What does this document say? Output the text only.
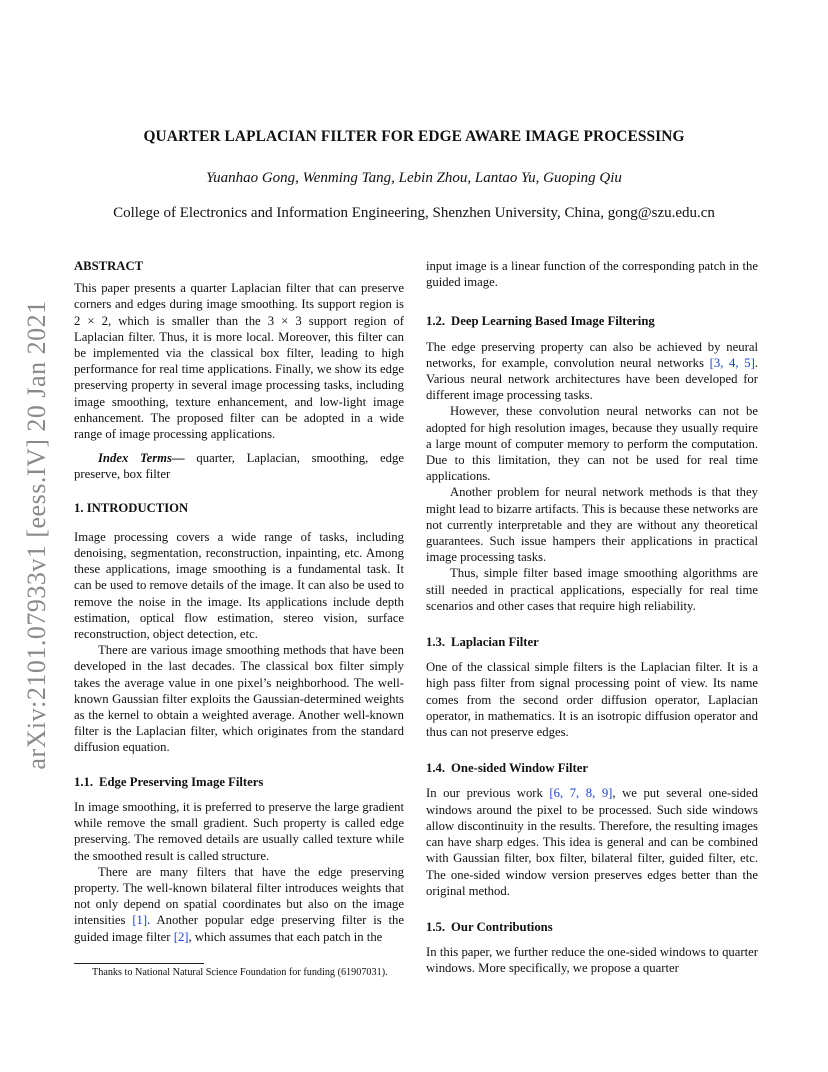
arXiv:2101.07933v1 [eess.IV] 20 Jan 2021
QUARTER LAPLACIAN FILTER FOR EDGE AWARE IMAGE PROCESSING

Yuanhao Gong, Wenming Tang, Lebin Zhou, Lantao Yu, Guoping Qiu

College of Electronics and Information Engineering, Shenzhen University, China, gong@szu.edu.cn

ABSTRACT

This paper presents a quarter Laplacian filter that can preserve corners and edges during image smoothing. Its support region is 2 × 2, which is smaller than the 3 × 3 support region of Laplacian filter. Thus, it is more local. Moreover, this filter can be implemented via the classical box filter, leading to high performance for real time applications. Finally, we show its edge preserving property in several image processing tasks, including image smoothing, texture enhancement, and low-light image enhancement. The proposed filter can be adopted in a wide range of image processing applications.

Index Terms— quarter, Laplacian, smoothing, edge preserve, box filter

1. INTRODUCTION

Image processing covers a wide range of tasks, including denoising, segmentation, reconstruction, inpainting, etc. Among these applications, image smoothing is a fundamental task. It can be used to remove details of the image. It can also be used to remove the noise in the image. Its applications include depth estimation, optical flow estimation, stereo vision, surface reconstruction, object detection, etc.

There are various image smoothing methods that have been developed in the last decades. The classical box filter simply takes the average value in one pixel’s neighborhood. The well-known Gaussian filter exploits the Gaussian-determined weights as the kernel to obtain a weighted average. Another well-known filter is the Laplacian filter, which originates from the standard diffusion equation.

1.1. Edge Preserving Image Filters

In image smoothing, it is preferred to preserve the large gradient while remove the small gradient. Such property is called edge preserving. The removed details are usually called texture while the smoothed result is called structure.

There are many filters that have the edge preserving property. The well-known bilateral filter introduces weights that not only depend on spatial coordinates but also on the image intensities [1]. Another popular edge preserving filter is the guided image filter [2], which assumes that each patch in the

input image is a linear function of the corresponding patch in the guided image.

1.2. Deep Learning Based Image Filtering

The edge preserving property can also be achieved by neural networks, for example, convolution neural networks [3, 4, 5]. Various neural network architectures have been developed for different image processing tasks.

However, these convolution neural networks can not be adopted for high resolution images, because they usually require a large mount of computer memory to perform the computation. Due to this limitation, they can not be used for real time applications.

Another problem for neural network methods is that they might lead to bizarre artifacts. This is because these networks are not currently interpretable and they are without any theoretical guarantees. Such issue hampers their applications in practical image processing tasks.

Thus, simple filter based image smoothing algorithms are still needed in practical applications, especially for real time scenarios and other cases that require high reliability.

1.3. Laplacian Filter

One of the classical simple filters is the Laplacian filter. It is a high pass filter from signal processing point of view. Its name comes from the second order diffusion operator, Laplacian operator, in mathematics. It is an isotropic diffusion operator and thus can not preserve edges.

1.4. One-sided Window Filter

In our previous work [6, 7, 8, 9], we put several one-sided windows around the pixel to be processed. Such side windows allow discontinuity in the results. Therefore, the resulting images can have sharp edges. This idea is general and can be combined with Gaussian filter, box filter, bilateral filter, guided filter, etc. The one-sided window version preserves edges better than the original method.

1.5. Our Contributions

In this paper, we further reduce the one-sided windows to quarter windows. More specifically, we propose a quarter

Thanks to National Natural Science Foundation for funding (61907031).
